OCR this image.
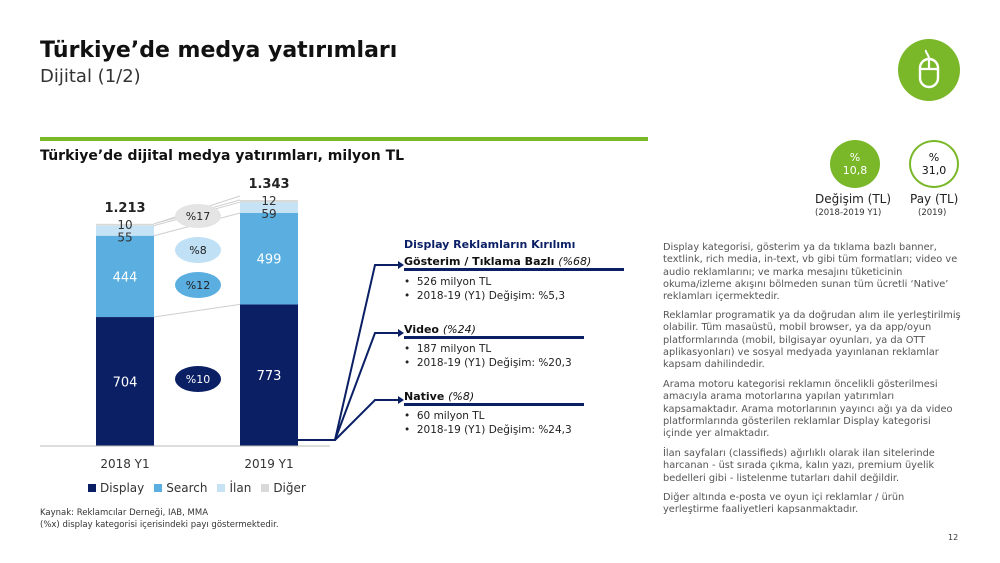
Türkiye’de medya yatırımları
Dijital (1/2)
Türkiye’de dijital medya yatırımları, milyon TL
704
444
55
10
1.213
2018 Y1
773
499
59
12
1.343
2019 Y1
%17
%8
%12
%10
Display Search İlan Diğer
%
10,8
%
31,0
Değişim (TL)
(2018-2019 Y1)
Pay (TL)
(2019)
Display Reklamların Kırılımı
Gösterim / Tıklama Bazlı (%68)
•  526 milyon TL
•  2018-19 (Y1) Değişim: %5,3
Video (%24)
•  187 milyon TL
•  2018-19 (Y1) Değişim: %20,3
Native (%8)
•  60 milyon TL
•  2018-19 (Y1) Değişim: %24,3
Display kategorisi, gösterim ya da tıklama bazlı banner, textlink, rich media, in-text, vb gibi tüm formatları; video ve audio reklamlarını; ve marka mesajını tüketicinin okuma/izleme akışını bölmeden sunan tüm ücretli ‘Native’ reklamları içermektedir.
Reklamlar programatik ya da doğrudan alım ile yerleştirilmiş olabilir. Tüm masaüstü, mobil browser, ya da app/oyun platformlarında (mobil, bilgisayar oyunları, ya da OTT aplikasyonları) ve sosyal medyada yayınlanan reklamlar kapsam dahilindedir.
Arama motoru kategorisi reklamın öncelikli gösterilmesi amacıyla arama motorlarına yapılan yatırımları kapsamaktadır. Arama motorlarının yayıncı ağı ya da video platformlarında gösterilen reklamlar Display kategorisi içinde yer almaktadır.
İlan sayfaları (classifieds) ağırlıklı olarak ilan sitelerinde harcanan - üst sırada çıkma, kalın yazı, premium üyelik bedelleri gibi - listelenme tutarları dahil değildir.
Diğer altında e-posta ve oyun içi reklamlar / ürün yerleştirme faaliyetleri kapsanmaktadır.
Kaynak: Reklamcılar Derneği, IAB, MMA
(%x) display kategorisi içerisindeki payı göstermektedir.
12
